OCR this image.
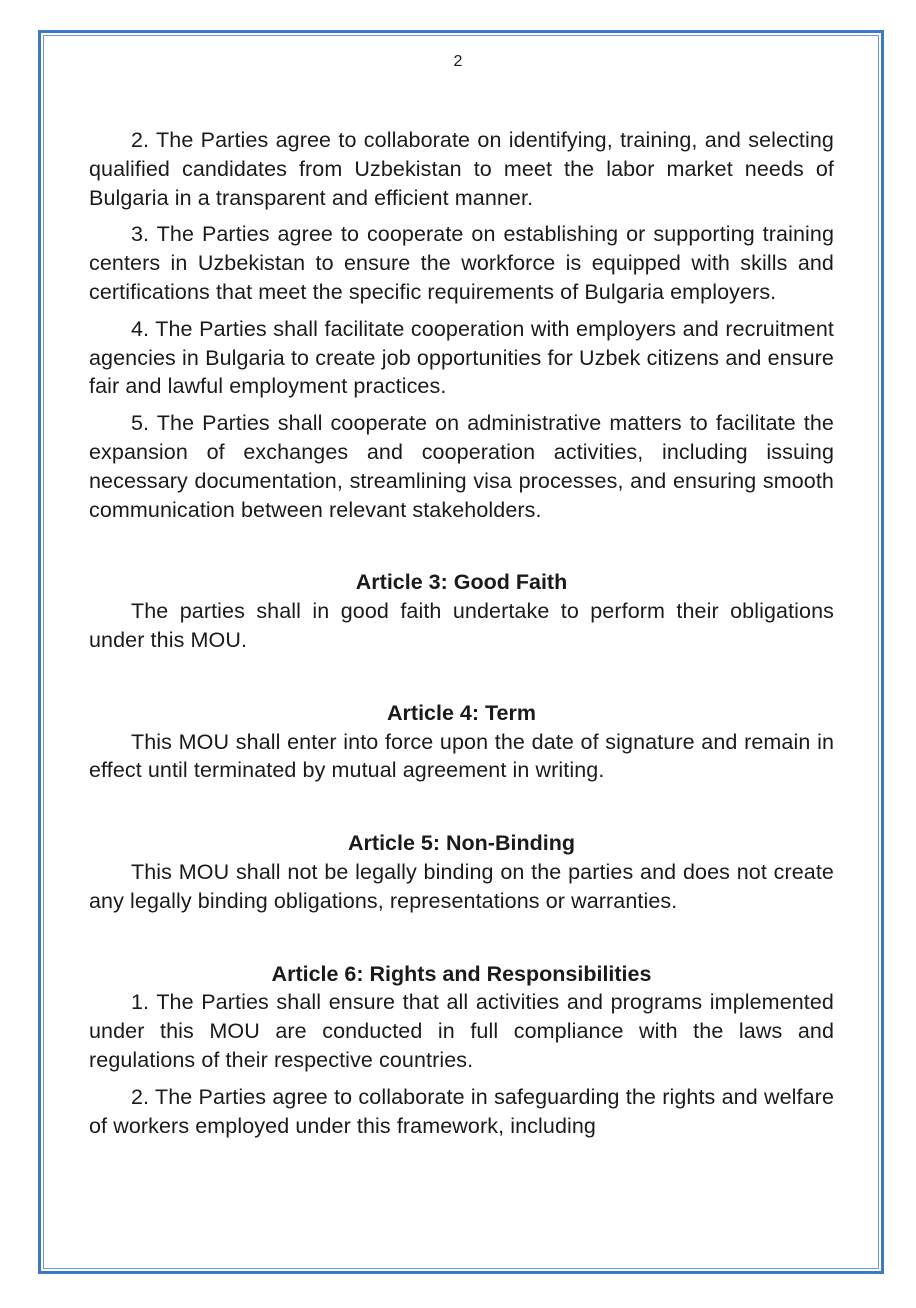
2

2. The Parties agree to collaborate on identifying, training, and selecting qualified candidates from Uzbekistan to meet the labor market needs of Bulgaria in a transparent and efficient manner.

3. The Parties agree to cooperate on establishing or supporting training centers in Uzbekistan to ensure the workforce is equipped with skills and certifications that meet the specific requirements of Bulgaria employers.

4. The Parties shall facilitate cooperation with employers and recruitment agencies in Bulgaria to create job opportunities for Uzbek citizens and ensure fair and lawful employment practices.

5. The Parties shall cooperate on administrative matters to facilitate the expansion of exchanges and cooperation activities, including issuing necessary documentation, streamlining visa processes, and ensuring smooth communication between relevant stakeholders.

Article 3: Good Faith

The parties shall in good faith undertake to perform their obligations under this MOU.

Article 4: Term

This MOU shall enter into force upon the date of signature and remain in effect until terminated by mutual agreement in writing.

Article 5: Non-Binding

This MOU shall not be legally binding on the parties and does not create any legally binding obligations, representations or warranties.

Article 6: Rights and Responsibilities

1. The Parties shall ensure that all activities and programs implemented under this MOU are conducted in full compliance with the laws and regulations of their respective countries.

2. The Parties agree to collaborate in safeguarding the rights and welfare of workers employed under this framework, including
